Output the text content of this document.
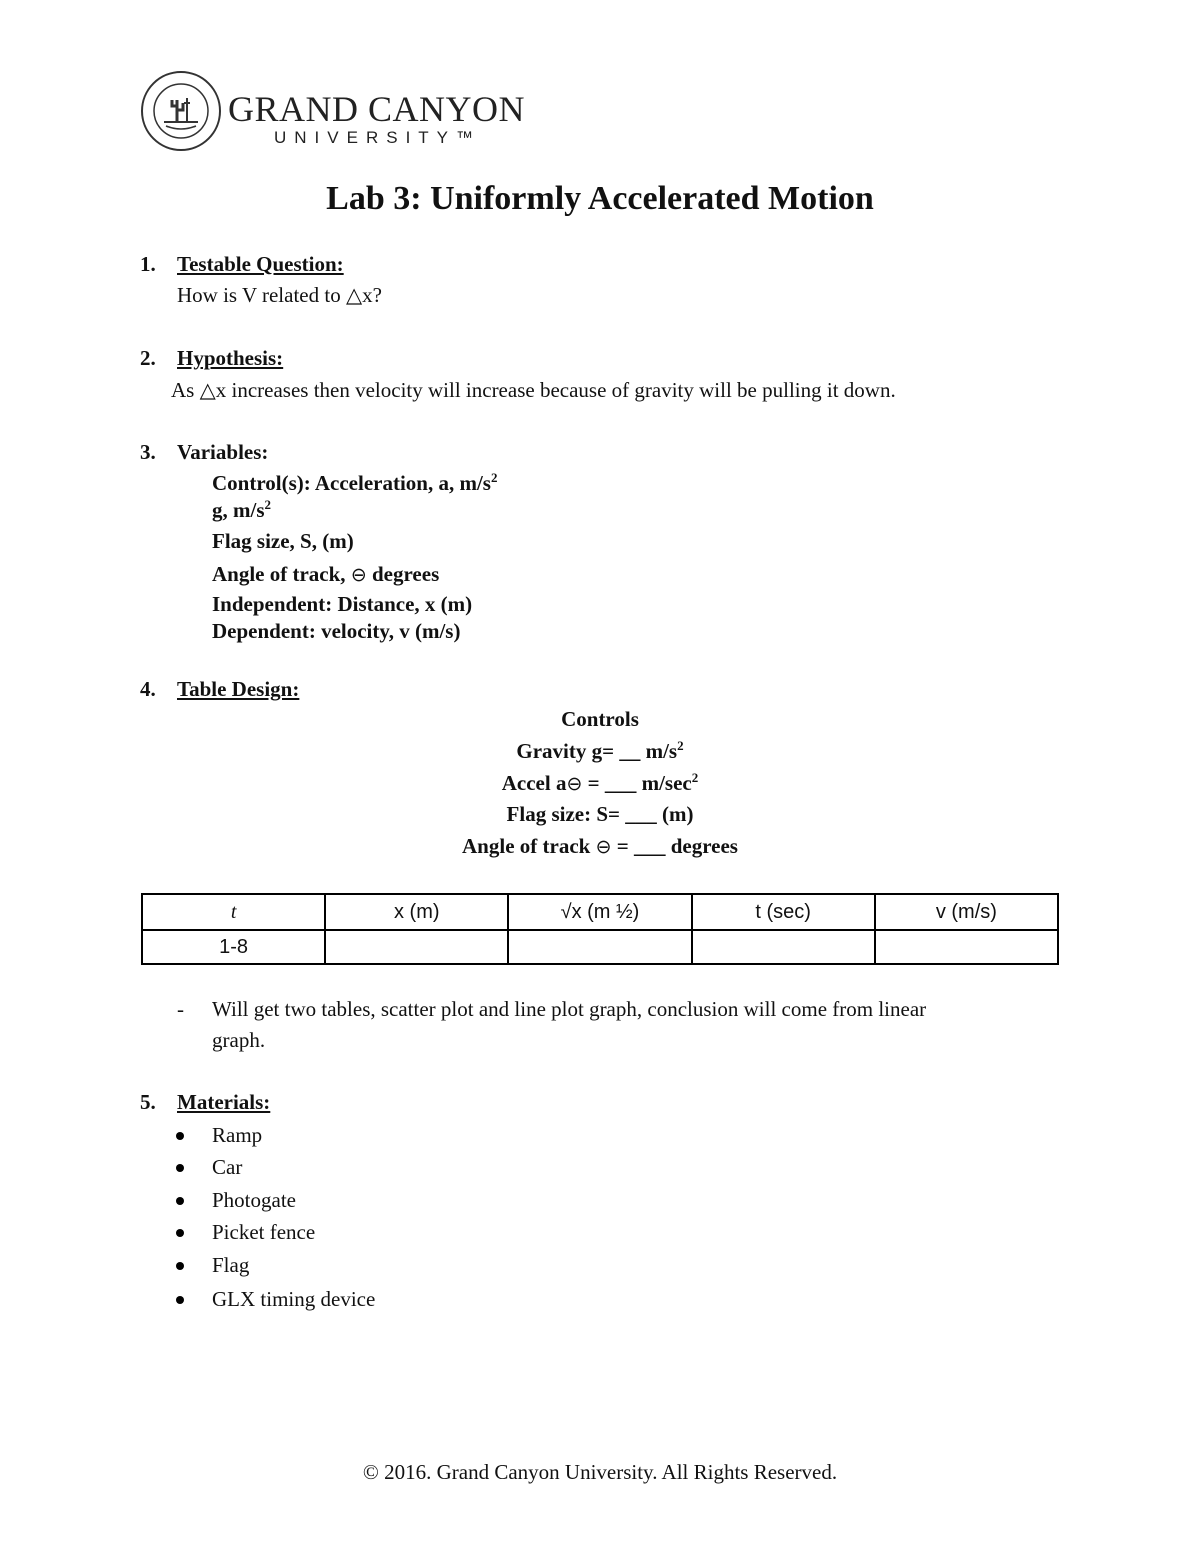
GRAND CANYON
UNIVERSITY™
Lab 3: Uniformly Accelerated Motion
1. Testable Question:
How is V related to △x?
2. Hypothesis:
As △x increases then velocity will increase because of gravity will be pulling it down.
3. Variables:
Control(s): Acceleration, a, $m/s^2$
g, $m/s^2$
Flag size, S, (m)
Angle of track, ⊖ degrees
Independent: Distance, x (m)
Dependent: velocity, v (m/s)
4. Table Design:
Controls
Gravity g= __ $m/s^2$
Accel a⊖ = ___ $m/\sec^2$
Flag size: S= ___ (m)
Angle of track ⊖ = ___ degrees
t	x (m)	√x (m ½)	t (sec)	v (m/s)
1-8				
- Will get two tables, scatter plot and line plot graph, conclusion will come from linear
graph.
5. Materials:
Ramp
Car
Photogate
Picket fence
Flag
GLX timing device
© 2016. Grand Canyon University. All Rights Reserved.
